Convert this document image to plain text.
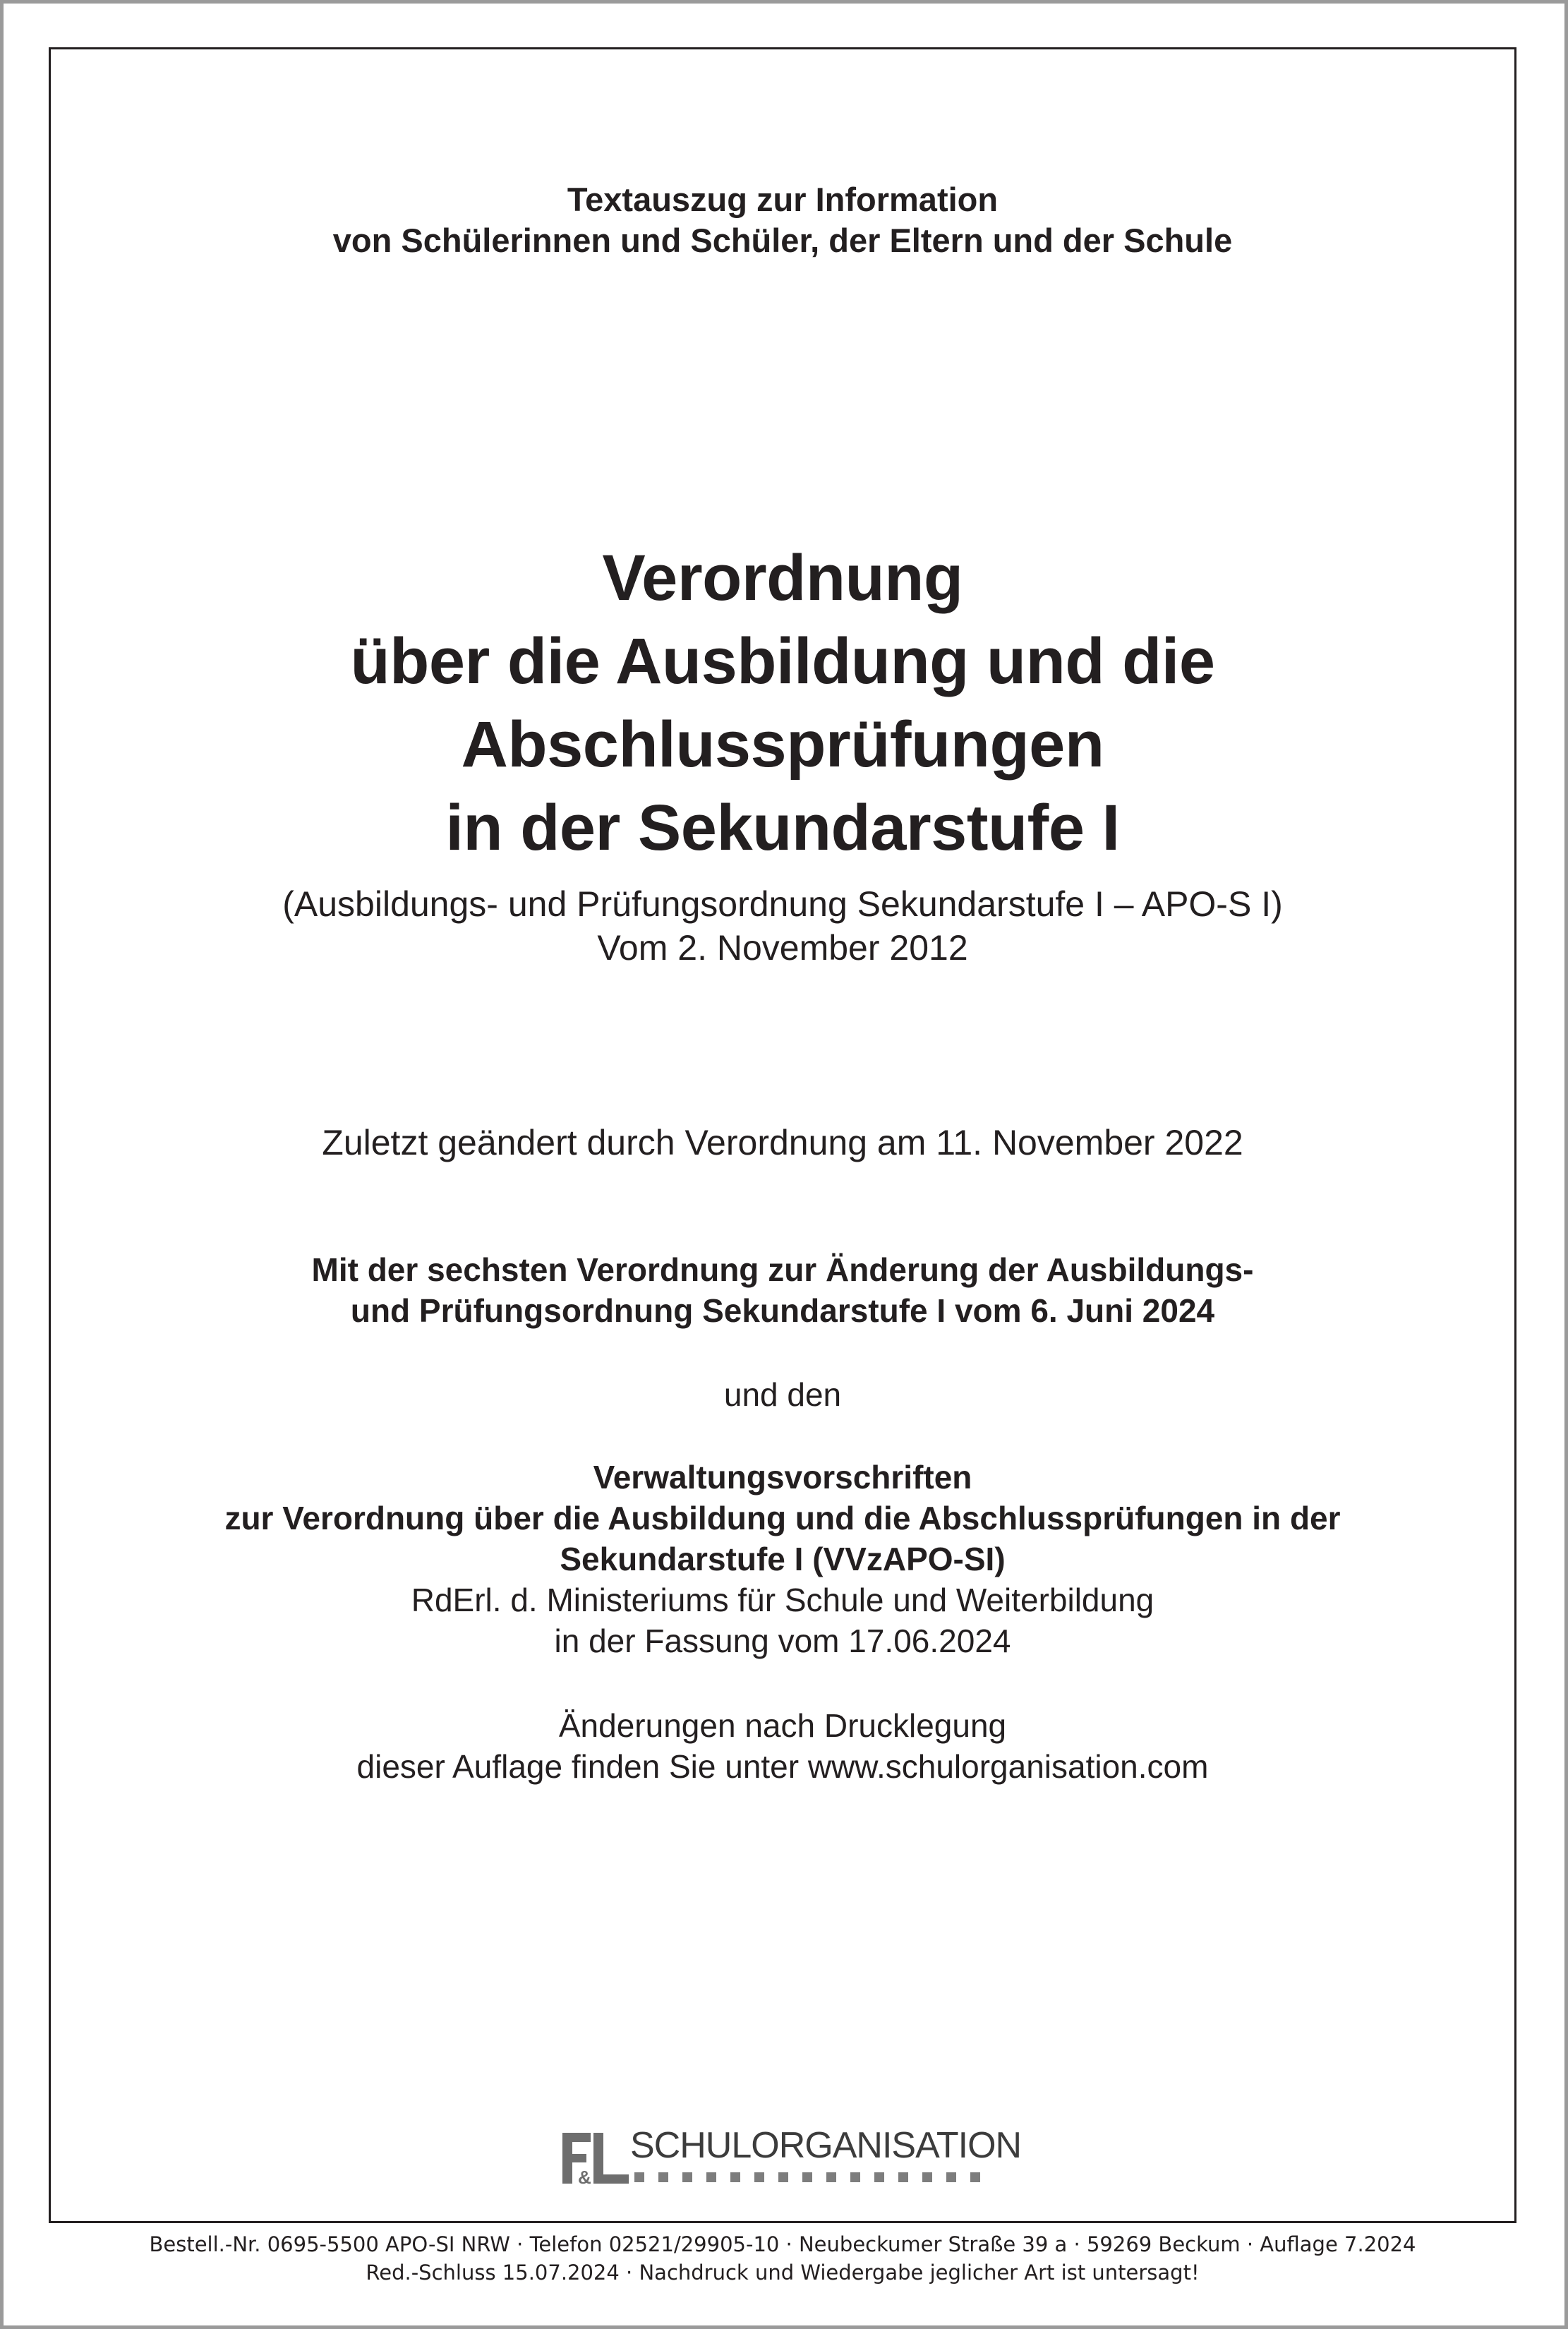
Textauszug zur Information
von Schülerinnen und Schüler, der Eltern und der Schule
Verordnung
über die Ausbildung und die
Abschlussprüfungen
in der Sekundarstufe I
(Ausbildungs- und Prüfungsordnung Sekundarstufe I – APO-S I)
Vom 2. November 2012
Zuletzt geändert durch Verordnung am 11. November 2022
Mit der sechsten Verordnung zur Änderung der Ausbildungs-
und Prüfungsordnung Sekundarstufe I vom 6. Juni 2024
und den
Verwaltungsvorschriften
zur Verordnung über die Ausbildung und die Abschlussprüfungen in der
Sekundarstufe I (VVzAPO-SI)
RdErl. d. Ministeriums für Schule und Weiterbildung
in der Fassung vom 17.06.2024
Änderungen nach Drucklegung
dieser Auflage finden Sie unter www.schulorganisation.com
&
SCHULORGANISATION
Bestell.-Nr. 0695-5500 APO-SI NRW · Telefon 02521/29905-10 · Neubeckumer Straße 39 a · 59269 Beckum · Auflage 7.2024
Red.-Schluss 15.07.2024 · Nachdruck und Wiedergabe jeglicher Art ist untersagt!
